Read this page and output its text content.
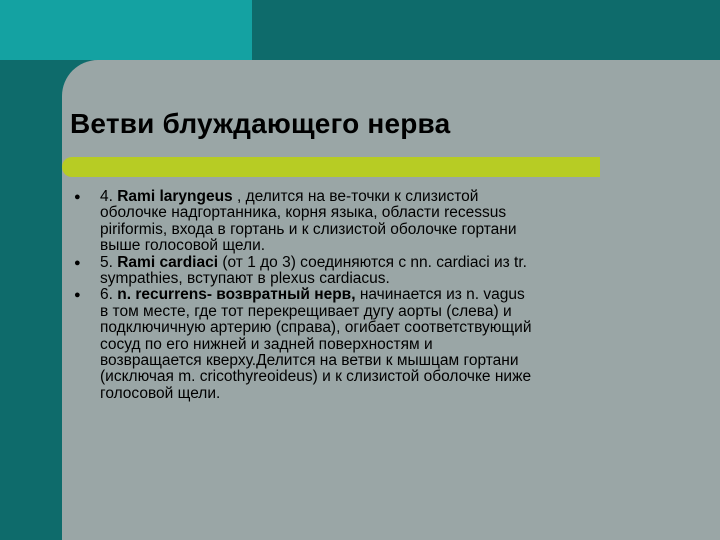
Ветви блуждающего нерва
● 4. Rami laryngeus , делится на ве-точки к слизистой
оболочке надгортанника, корня языка, области recessus
piriformis, входа в гортань и к слизистой оболочке гортани
выше голосовой щели.
● 5. Rami cardiaci (от 1 до 3) соединяются с nn. cardiaci из tr.
sympathies, вступают в plexus cardiacus.
● 6. n. recurrens- возвратный нерв, начинается из n. vagus
в том месте, где тот перекрещивает дугу аорты (слева) и
подключичную артерию (справа), огибает соответствующий
сосуд по его нижней и задней поверхностям и
возвращается кверху.Делится на ветви к мышцам гортани
(исключая m. cricothyreoideus) и к слизистой оболочке ниже
голосовой щели.
